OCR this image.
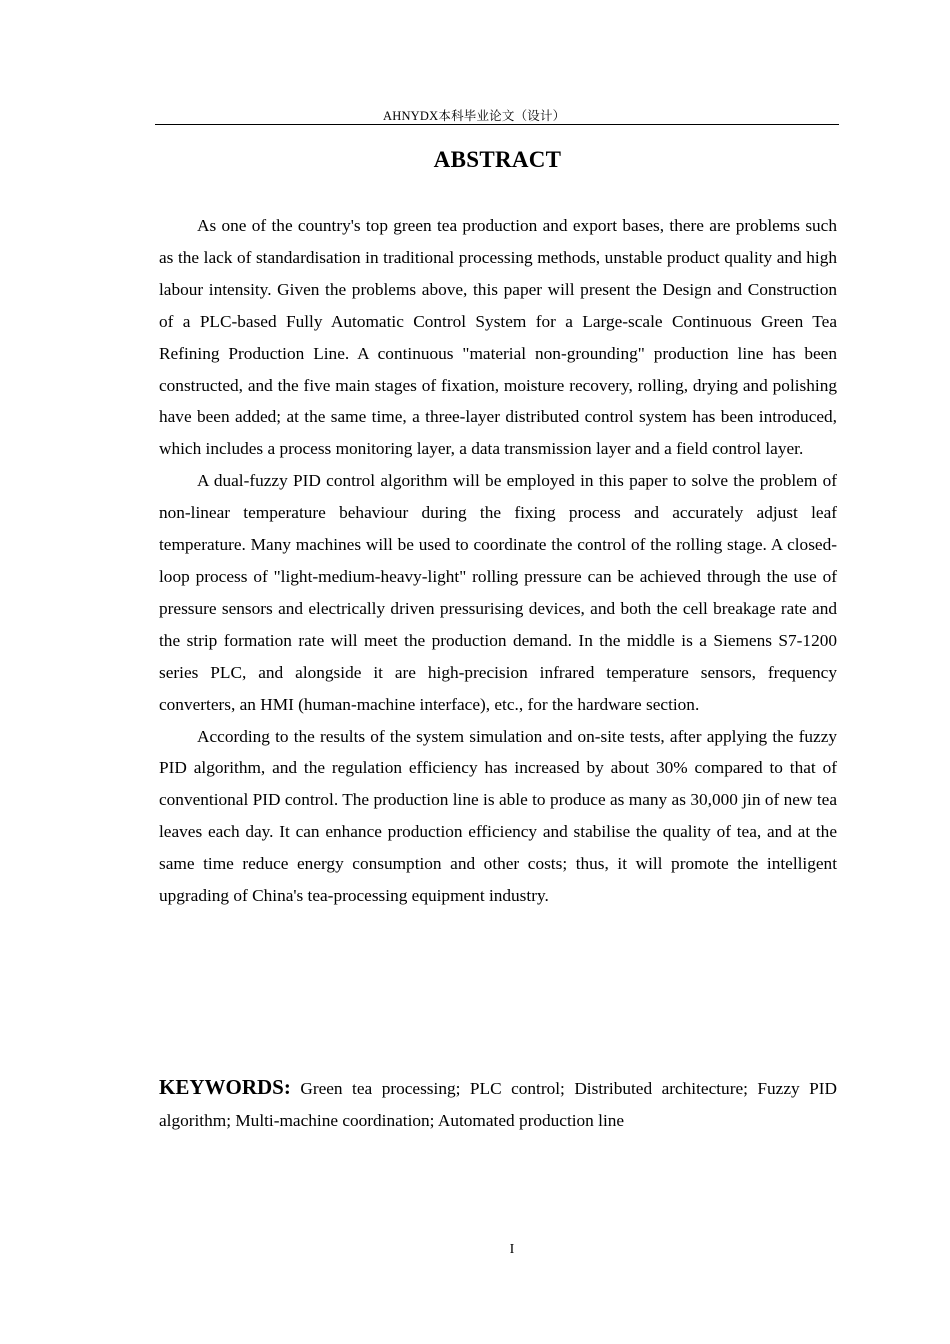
AHNYDX本科毕业论文（设计）
ABSTRACT

As one of the country's top green tea production and export bases, there are problems such as the lack of standardisation in traditional processing methods, unstable product quality and high labour intensity. Given the problems above, this paper will present the Design and Construction of a PLC-based Fully Automatic Control System for a Large-scale Continuous Green Tea Refining Production Line. A continuous "material non-grounding" production line has been constructed, and the five main stages of fixation, moisture recovery, rolling, drying and polishing have been added; at the same time, a three-layer distributed control system has been introduced, which includes a process monitoring layer, a data transmission layer and a field control layer.

A dual-fuzzy PID control algorithm will be employed in this paper to solve the problem of non-linear temperature behaviour during the fixing process and accurately adjust leaf temperature. Many machines will be used to coordinate the control of the rolling stage. A closed-loop process of "light-medium-heavy-light" rolling pressure can be achieved through the use of pressure sensors and electrically driven pressurising devices, and both the cell breakage rate and the strip formation rate will meet the production demand. In the middle is a Siemens S7-1200 series PLC, and alongside it are high-precision infrared temperature sensors, frequency converters, an HMI (human-machine interface), etc., for the hardware section.

According to the results of the system simulation and on-site tests, after applying the fuzzy PID algorithm, and the regulation efficiency has increased by about 30% compared to that of conventional PID control. The production line is able to produce as many as 30,000 jin of new tea leaves each day. It can enhance production efficiency and stabilise the quality of tea, and at the same time reduce energy consumption and other costs; thus, it will promote the intelligent upgrading of China's tea-processing equipment industry.

KEYWORDS: Green tea processing; PLC control; Distributed architecture; Fuzzy PID algorithm; Multi-machine coordination; Automated production line
I
